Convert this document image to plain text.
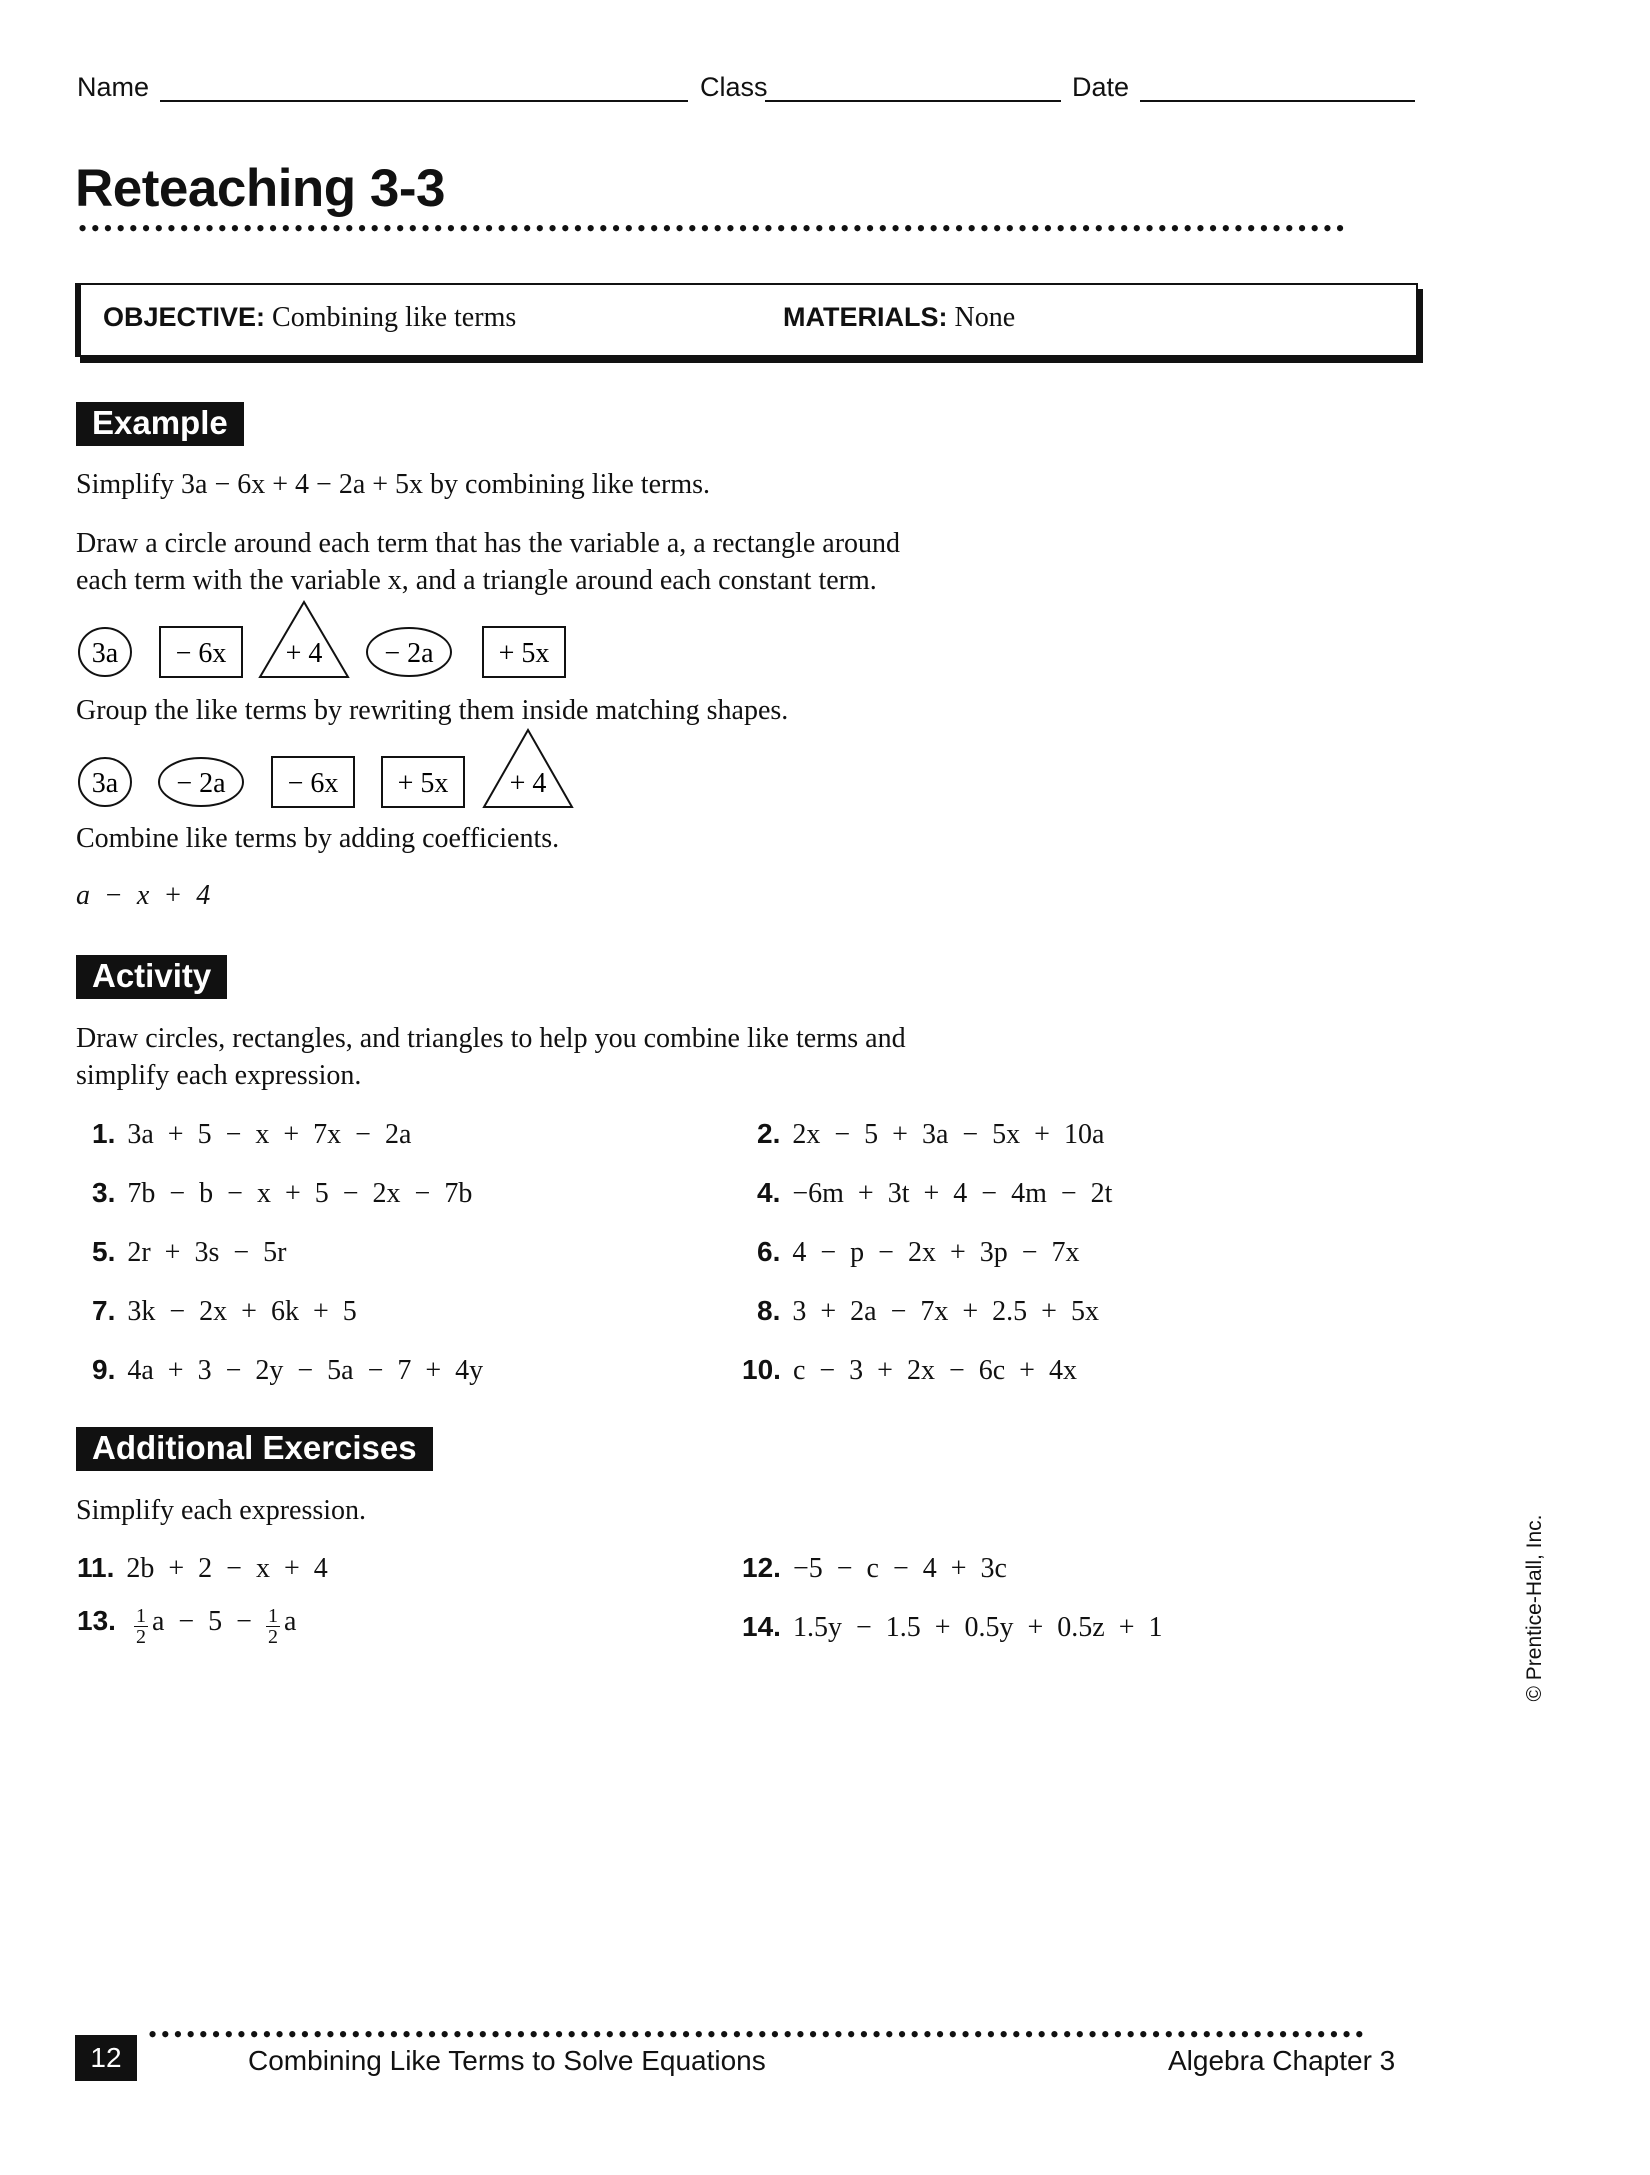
Name	Class	Date
Reteaching 3-3
••••••••••••••••••••••••••••••••••••••••••••••••••••••••••••••••••••••••••••••••••••••••••••••••••••
OBJECTIVE: Combining like terms	MATERIALS: None
Example
Simplify 3a − 6x + 4 − 2a + 5x by combining like terms.
Draw a circle around each term that has the variable a, a rectangle around
each term with the variable x, and a triangle around each constant term.
3a − 6x + 4 − 2a + 5x
Group the like terms by rewriting them inside matching shapes.
3a − 2a − 6x + 5x + 4
Combine like terms by adding coefficients.
a  −  x  +  4
Activity
Draw circles, rectangles, and triangles to help you combine like terms and
simplify each expression.
1. 3a  +  5  −  x  +  7x  −  2a
3. 7b  −  b  −  x  +  5  −  2x  −  7b
5. 2r  +  3s  −  5r
7. 3k  −  2x  +  6k  +  5
9. 4a  +  3  −  2y  −  5a  −  7  +  4y
2. 2x  −  5  +  3a  −  5x  +  10a
4. −6m  +  3t  +  4  −  4m  −  2t
6. 4  −  p  −  2x  +  3p  −  7x
8. 3  +  2a  −  7x  +  2.5  +  5x
10. c  −  3  +  2x  −  6c  +  4x
Additional Exercises
Simplify each expression.
11. 2b  +  2  −  x  +  4	12. −5  −  c  −  4  +  3c
13. $\frac{1}{2}$ $a - 5 - \frac{1}{2}$ a	14. 1.5y  −  1.5  +  0.5y  +  0.5z  +  1	© Prentice-Hall, Inc.
••••••••••••••••••••••••••••••••••••••••••••••••••••••••••••••••••••••••••••••••••••••••••••••••
12	Combining Like Terms to Solve Equations	Algebra Chapter 3
